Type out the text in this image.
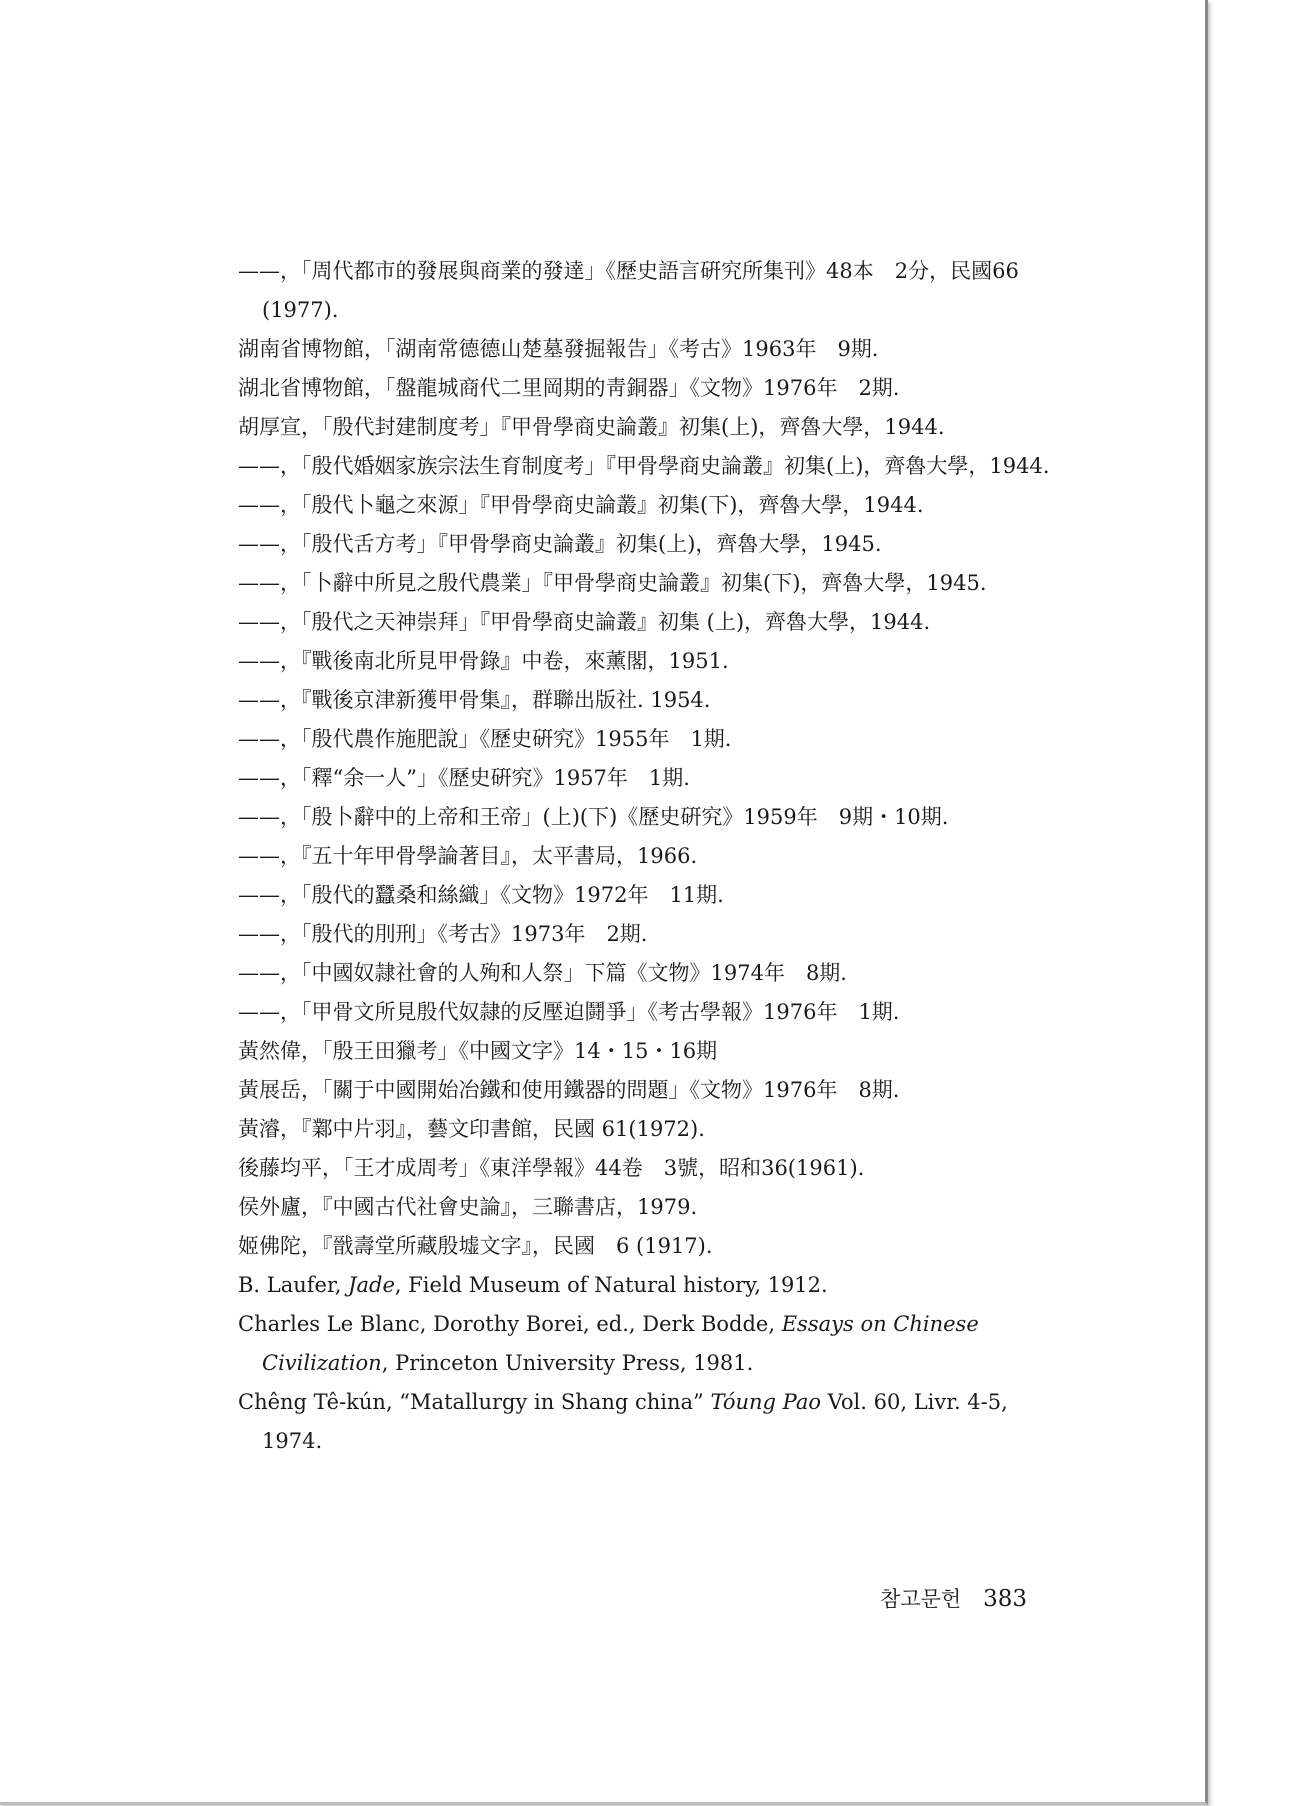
——，「周代都市的發展與商業的發達」《歷史語言硏究所集刊》48本　2分，民國66 (1977).
湖南省博物館，「湖南常德德山楚墓發掘報告」《考古》1963年　9期.
湖北省博物館，「盤龍城商代二里岡期的靑銅器」《文物》1976年　2期.
胡厚宣，「殷代封建制度考」『甲骨學商史論叢』初集(上)，齊魯大學，1944.
——，「殷代婚姻家族宗法生育制度考」『甲骨學商史論叢』初集(上)，齊魯大學，1944.
——，「殷代卜龜之來源」『甲骨學商史論叢』初集(下)，齊魯大學，1944.
——，「殷代舌方考」『甲骨學商史論叢』初集(上)，齊魯大學，1945.
——，「卜辭中所見之殷代農業」『甲骨學商史論叢』初集(下)，齊魯大學，1945.
——，「殷代之天神崇拜」『甲骨學商史論叢』初集 (上)，齊魯大學，1944.
——，『戰後南北所見甲骨錄』中卷，來薰閣，1951.
——，『戰後京津新獲甲骨集』，群聯出版社. 1954.
——，「殷代農作施肥說」《歷史硏究》1955年　1期.
——，「釋“余一人”」《歷史硏究》1957年　1期.
——，「殷卜辭中的上帝和王帝」(上)(下)《歷史硏究》1959年　9期・10期.
——，『五十年甲骨學論著目』，太平書局，1966.
——，「殷代的蠶桑和絲織」《文物》1972年　11期.
——，「殷代的刖刑」《考古》1973年　2期.
——，「中國奴隷社會的人殉和人祭」下篇《文物》1974年　8期.
——，「甲骨文所見殷代奴隷的反壓迫鬪爭」《考古學報》1976年　1期.
黃然偉，「殷王田獵考」《中國文字》14・15・16期
黃展岳，「關于中國開始冶鐵和使用鐵器的問題」《文物》1976年　8期.
黃濬，『鄴中片羽』，藝文印書館，民國 61(1972).
後藤均平，「王才成周考」《東洋學報》44卷　3號，昭和36(1961).
侯外廬，『中國古代社會史論』，三聯書店，1979.
姬佛陀，『戩壽堂所藏殷墟文字』，民國　6 (1917).
B. Laufer, Jade, Field Museum of Natural history, 1912.
Charles Le Blanc, Dorothy Borei, ed., Derk Bodde, Essays on Chinese Civilization, Princeton University Press, 1981.
Chêng Tê-kún, “Matallurgy in Shang china” Tóung Pao Vol. 60, Livr. 4-5, 1974.
참고문헌 383
